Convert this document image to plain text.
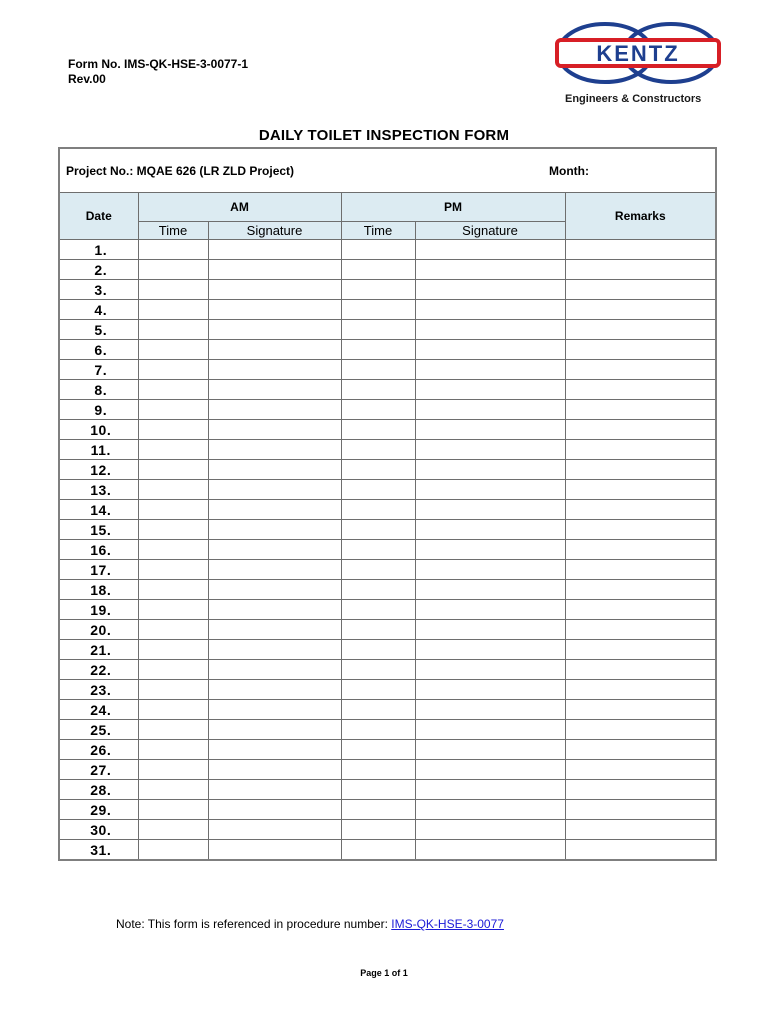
Form No. IMS-QK-HSE-3-0077-1
Rev.00
KENTZ
Engineers & Constructors
DAILY TOILET INSPECTION FORM
Project No.: MQAE 626 (LR ZLD Project) Month:					

Date	AM		PM		Remarks
	Time	Signature	Time	Signature	
1.					
2.					
3.					
4.					
5.					
6.					
7.					
8.					
9.					
10.					
11.					
12.					
13.					
14.					
15.					
16.					
17.					
18.					
19.					
20.					
21.					
22.					
23.					
24.					
25.					
26.					
27.					
28.					
29.					
30.					
31.					
Note: This form is referenced in procedure number: IMS-QK-HSE-3-0077
Page 1 of 1
